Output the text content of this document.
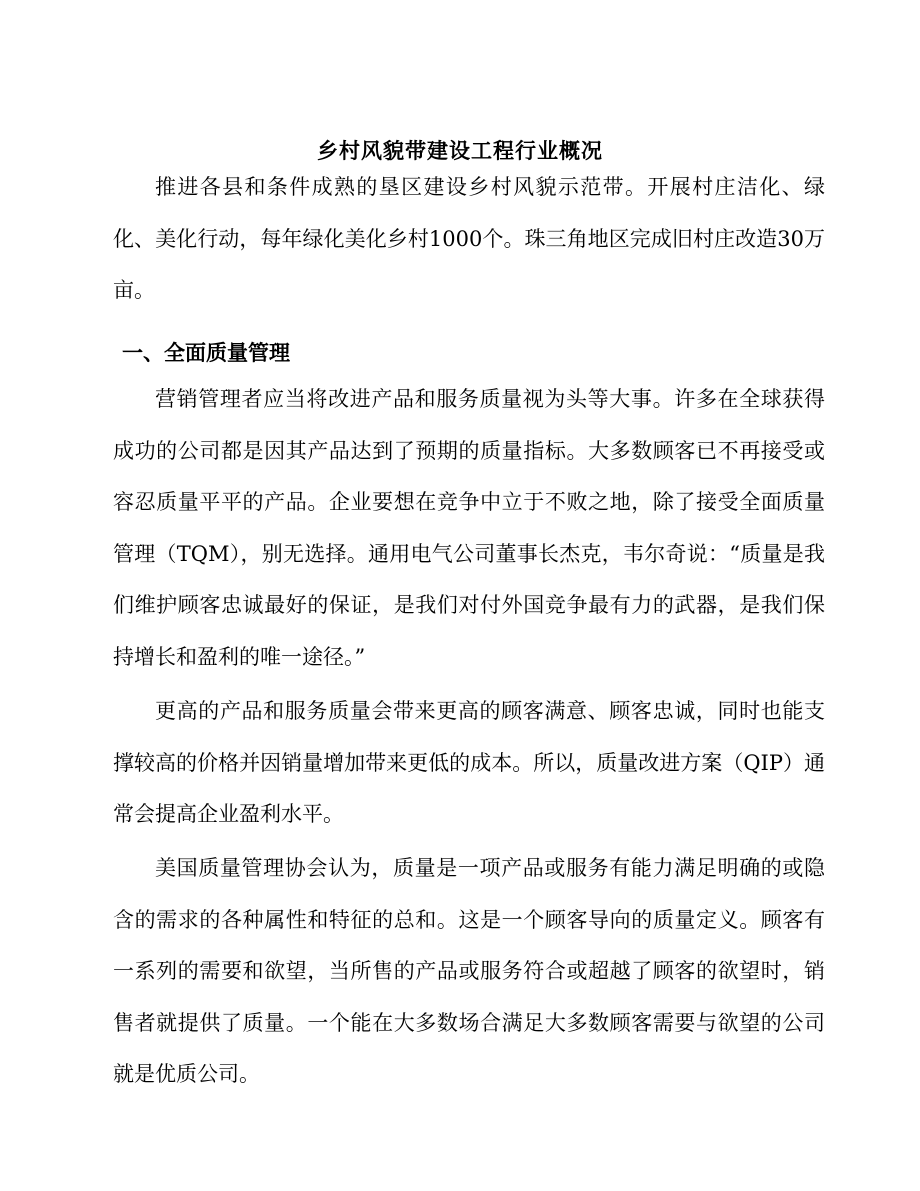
乡村风貌带建设工程行业概况

推进各县和条件成熟的垦区建设乡村风貌示范带。开展村庄洁化、绿化、美化行动，每年绿化美化乡村1000个。珠三角地区完成旧村庄改造30万亩。

一、全面质量管理

营销管理者应当将改进产品和服务质量视为头等大事。许多在全球获得成功的公司都是因其产品达到了预期的质量指标。大多数顾客已不再接受或容忍质量平平的产品。企业要想在竞争中立于不败之地，除了接受全面质量管理（TQM），别无选择。通用电气公司董事长杰克，韦尔奇说：“质量是我们维护顾客忠诚最好的保证，是我们对付外国竞争最有力的武器，是我们保持增长和盈利的唯一途径。”

更高的产品和服务质量会带来更高的顾客满意、顾客忠诚，同时也能支撑较高的价格并因销量增加带来更低的成本。所以，质量改进方案（QIP）通常会提高企业盈利水平。

美国质量管理协会认为，质量是一项产品或服务有能力满足明确的或隐含的需求的各种属性和特征的总和。这是一个顾客导向的质量定义。顾客有一系列的需要和欲望，当所售的产品或服务符合或超越了顾客的欲望时，销售者就提供了质量。一个能在大多数场合满足大多数顾客需要与欲望的公司就是优质公司。
